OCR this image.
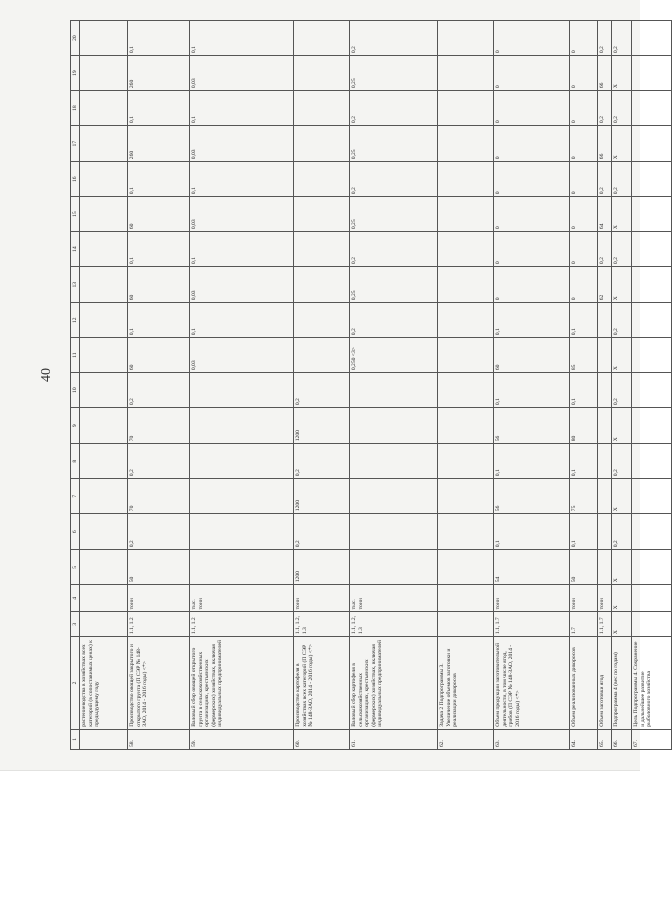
40
1	2	3	4	5	6	7	8	9	10	11	12	13	14	15	16	17	18	19	20
	растениеводства в хозяйствах всех категорий (в сопоставимых ценах) к предыдущему году																		
58.	Производство овощей закрытого и открытого грунта (П СЭР № 148-ЗАО, 2014 - 2016 годы) <*>	1.1, 1.2	тонн	50	0,2	70	0,2	70	0,2	60	0,1	60	0,1	60	0,1	260	0,1	260	0,1
59.	Валовый сбор овощей открытого грунта в сельскохозяйственных организациях, крестьянских (фермерских) хозяйствах, включая индивидуальных предпринимателей	1.1, 1.2	тыс. тонн							0,03	0,1	0,03	0,1	0,03	0,1	0,03	0,1	0,03	0,1
60.	Производство картофеля в хозяйствах всех категорий (П СЭР № 148-ЗАО, 2014 - 2016 годы) <*>	1.1, 1.2, 1.3	тонн	1200	0,2	1200	0,2	1200	0,2										
61.	Валовый сбор картофеля в сельскохозяйственных организациях, крестьянских (фермерских) хозяйствах, включая индивидуальных предпринимателей	1.1, 1.2, 1.3	тыс. тонн							0,250 <3>	0,2	0,25	0,2	0,25	0,2	0,25	0,2	0,25	0,2
62.	Задача 2 Подпрограммы 3. Увеличение объемов заготовки и реализации дикоросов																		
63.	Объем продукции заготовительной деятельности, в том числе ягод, грибов (П СЭР № 148-ЗАО, 2014 - 2016 годы) <*>	1.1, 1.7	тонн	54	0,1	56	0,1	56	0,1	60	0,1	0	0	0	0	0	0	0	0
64.	Объем реализованных дикоросов	1.7	тонн	50	0,1	75	0,1	80	0,1	85	0,1	0	0	0	0	0	0	0	0
65.	Объем заготовки ягод	1.1, 1.7	тонн									62	0,2	64	0,2	66	0,2	66	0,2
66.	Подпрограмма 4 (вес по годам)	X	X	X	0,2	X	0,2	X	0,2	X	0,2	X	0,2	X	0,2	X	0,2	X	0,2
67.	Цель Подпрограммы 4. Сохранение и дальнейшее развитие рыболовного хозяйства																		
